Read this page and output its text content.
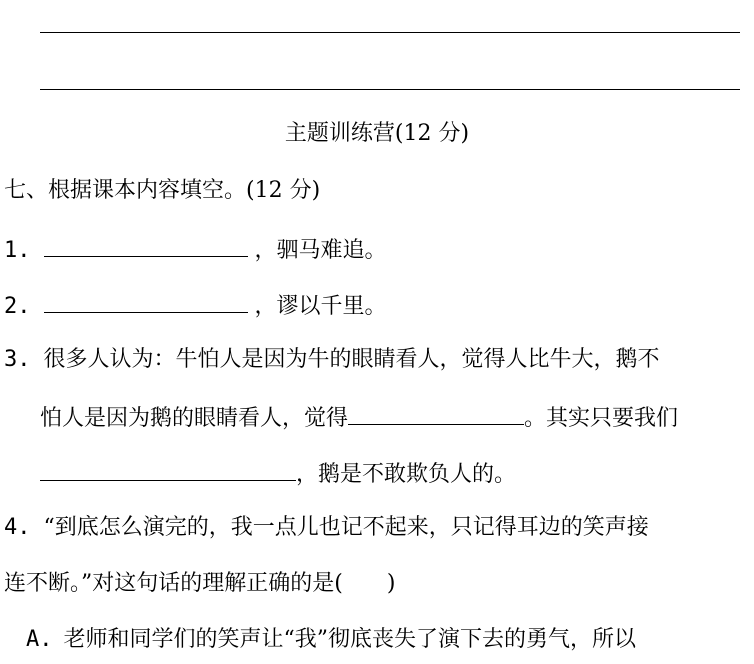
主题训练营(12 分)
七、根据课本内容填空。(12 分)
1.	，驷马难追。
2.	，谬以千里。
3. 很多人认为：牛怕人是因为牛的眼睛看人，觉得人比牛大，鹅不
怕人是因为鹅的眼睛看人，觉得	。其实只要我们
，鹅是不敢欺负人的。
4. “到底怎么演完的，我一点儿也记不起来，只记得耳边的笑声接
连不断。”对这句话的理解正确的是(　　)
A. 老师和同学们的笑声让“我”彻底丧失了演下去的勇气，所以
